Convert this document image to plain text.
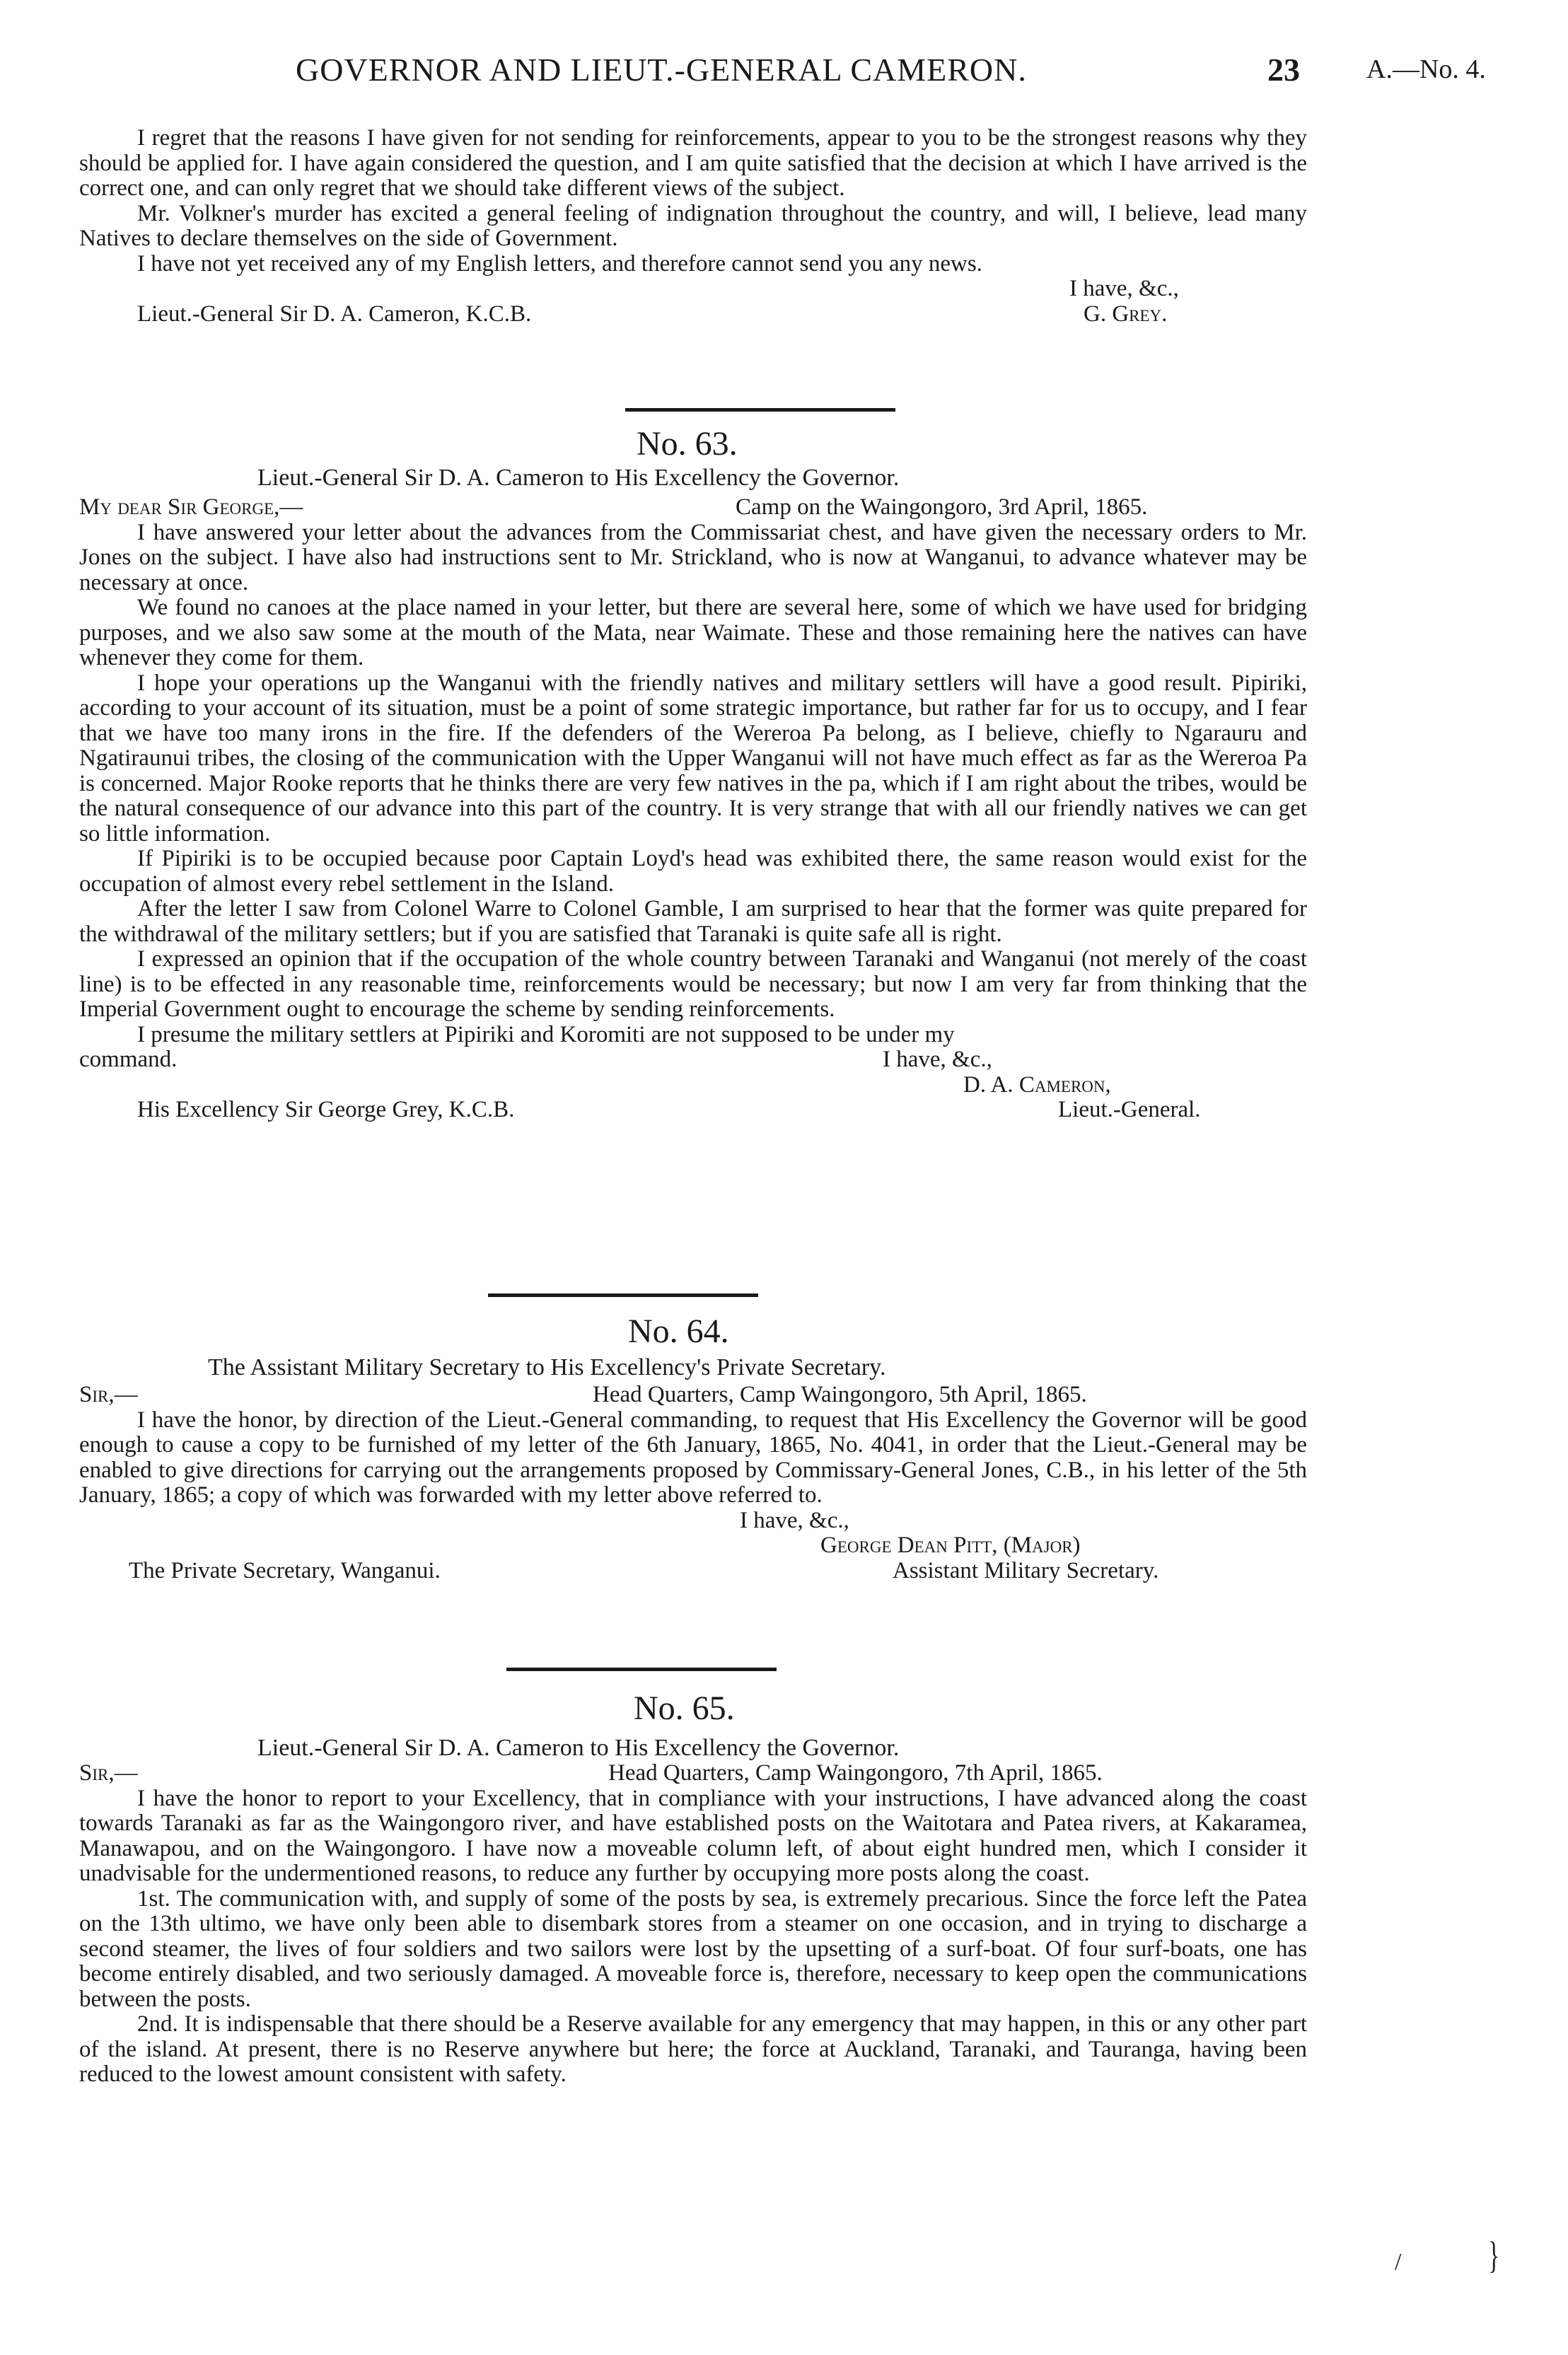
GOVERNOR AND LIEUT.-GENERAL CAMERON.	23 A.—No. 4.

I regret that the reasons I have given for not sending for reinforcements, appear to you to be the strongest reasons why they should be applied for. I have again considered the question, and I am quite satisfied that the decision at which I have arrived is the correct one, and can only regret that we should take different views of the subject.

Mr. Volkner's murder has excited a general feeling of indignation throughout the country, and will, I believe, lead many Natives to declare themselves on the side of Government.

I have not yet received any of my English letters, and therefore cannot send you any news.

I have, &c.,
Lieut.-General Sir D. A. Cameron, K.C.B.	G. Grey.
No. 63.
Lieut.-General Sir D. A. Cameron to His Excellency the Governor.
My dear Sir George,—	Camp on the Waingongoro, 3rd April, 1865.

I have answered your letter about the advances from the Commissariat chest, and have given the necessary orders to Mr. Jones on the subject. I have also had instructions sent to Mr. Strickland, who is now at Wanganui, to advance whatever may be necessary at once.

We found no canoes at the place named in your letter, but there are several here, some of which we have used for bridging purposes, and we also saw some at the mouth of the Mata, near Waimate. These and those remaining here the natives can have whenever they come for them.

I hope your operations up the Wanganui with the friendly natives and military settlers will have a good result. Pipiriki, according to your account of its situation, must be a point of some strategic importance, but rather far for us to occupy, and I fear that we have too many irons in the fire. If the defenders of the Wereroa Pa belong, as I believe, chiefly to Ngarauru and Ngatiraunui tribes, the closing of the communication with the Upper Wanganui will not have much effect as far as the Wereroa Pa is concerned. Major Rooke reports that he thinks there are very few natives in the pa, which if I am right about the tribes, would be the natural consequence of our advance into this part of the country. It is very strange that with all our friendly natives we can get so little information.

If Pipiriki is to be occupied because poor Captain Loyd's head was exhibited there, the same reason would exist for the occupation of almost every rebel settlement in the Island.

After the letter I saw from Colonel Warre to Colonel Gamble, I am surprised to hear that the former was quite prepared for the withdrawal of the military settlers; but if you are satisfied that Taranaki is quite safe all is right.

I expressed an opinion that if the occupation of the whole country between Taranaki and Wanganui (not merely of the coast line) is to be effected in any reasonable time, reinforcements would be necessary; but now I am very far from thinking that the Imperial Government ought to encourage the scheme by sending reinforcements.

I presume the military settlers at Pipiriki and Koromiti are not supposed to be under my
command.	I have, &c.,
D. A. Cameron,
His Excellency Sir George Grey, K.C.B.	Lieut.-General.
No. 64.
The Assistant Military Secretary to His Excellency's Private Secretary.
Sir,—	Head Quarters, Camp Waingongoro, 5th April, 1865.

I have the honor, by direction of the Lieut.-General commanding, to request that His Excellency the Governor will be good enough to cause a copy to be furnished of my letter of the 6th January, 1865, No. 4041, in order that the Lieut.-General may be enabled to give directions for carrying out the arrangements proposed by Commissary-General Jones, C.B., in his letter of the 5th January, 1865; a copy of which was forwarded with my letter above referred to.

I have, &c.,
George Dean Pitt, (Major)
The Private Secretary, Wanganui.	Assistant Military Secretary.
No. 65.
Lieut.-General Sir D. A. Cameron to His Excellency the Governor.
Sir,—	Head Quarters, Camp Waingongoro, 7th April, 1865.

I have the honor to report to your Excellency, that in compliance with your instructions, I have advanced along the coast towards Taranaki as far as the Waingongoro river, and have established posts on the Waitotara and Patea rivers, at Kakaramea, Manawapou, and on the Waingongoro. I have now a moveable column left, of about eight hundred men, which I consider it unadvisable for the undermentioned reasons, to reduce any further by occupying more posts along the coast.

1st. The communication with, and supply of some of the posts by sea, is extremely precarious. Since the force left the Patea on the 13th ultimo, we have only been able to disembark stores from a steamer on one occasion, and in trying to discharge a second steamer, the lives of four soldiers and two sailors were lost by the upsetting of a surf-boat. Of four surf-boats, one has become entirely disabled, and two seriously damaged. A moveable force is, therefore, necessary to keep open the communications between the posts.

2nd. It is indispensable that there should be a Reserve available for any emergency that may happen, in this or any other part of the island. At present, there is no Reserve anywhere but here; the force at Auckland, Taranaki, and Tauranga, having been reduced to the lowest amount consistent with safety.

/	}
